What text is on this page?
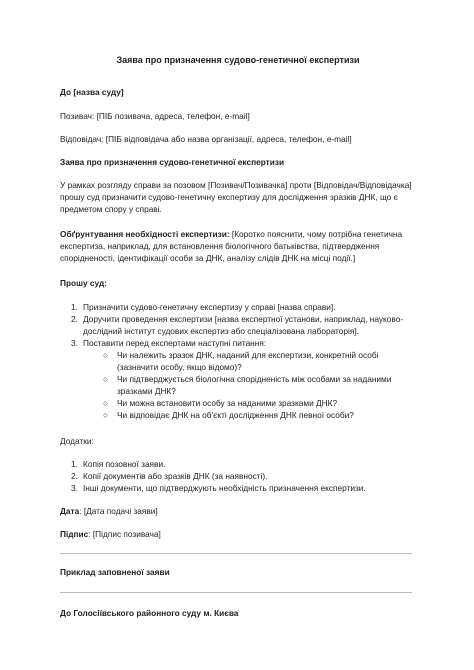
Заява про призначення судово-генетичної експертизи

До [назва суду]

Позивач: [ПІБ позивача, адреса, телефон, e-mail]

Відповідач: [ПІБ відповідача або назва організації, адреса, телефон, e-mail]

Заява про призначення судово-генетичної експертизи

У рамках розгляду справи за позовом [Позивач/Позивачка] проти [Відповідач/Відповідачка] прошу суд призначити судово-генетичну експертизу для дослідження зразків ДНК, що є предметом спору у справі.

Обґрунтування необхідності експертизи: [Коротко пояснити, чому потрібна генетична експертиза, наприклад, для встановлення біологічного батьківства, підтвердження спорідненості, ідентифікації особи за ДНК, аналізу слідів ДНК на місці події.]

Прошу суд:

1. Призначити судово-генетичну експертизу у справі [назва справи].
2. Доручити проведення експертизи [назва експертної установи, наприклад, науково-дослідний інститут судових експертиз або спеціалізована лабораторія].
3. Поставити перед експертами наступні питання:
○ Чи належить зразок ДНК, наданий для експертизи, конкретній особі (зазначити особу, якщо відомо)?
○ Чи підтверджується біологічна спорідненість між особами за наданими зразками ДНК?
○ Чи можна встановити особу за наданими зразками ДНК?
○ Чи відповідає ДНК на об'єкті дослідження ДНК певної особи?

Додатки:

1. Копія позовної заяви.
2. Копії документів або зразків ДНК (за наявності).
3. Інші документи, що підтверджують необхідність призначення експертизи.

Дата: [Дата подачі заяви]

Підпис: [Підпис позивача]

Приклад заповненої заяви

До Голосіївського районного суду м. Києва
